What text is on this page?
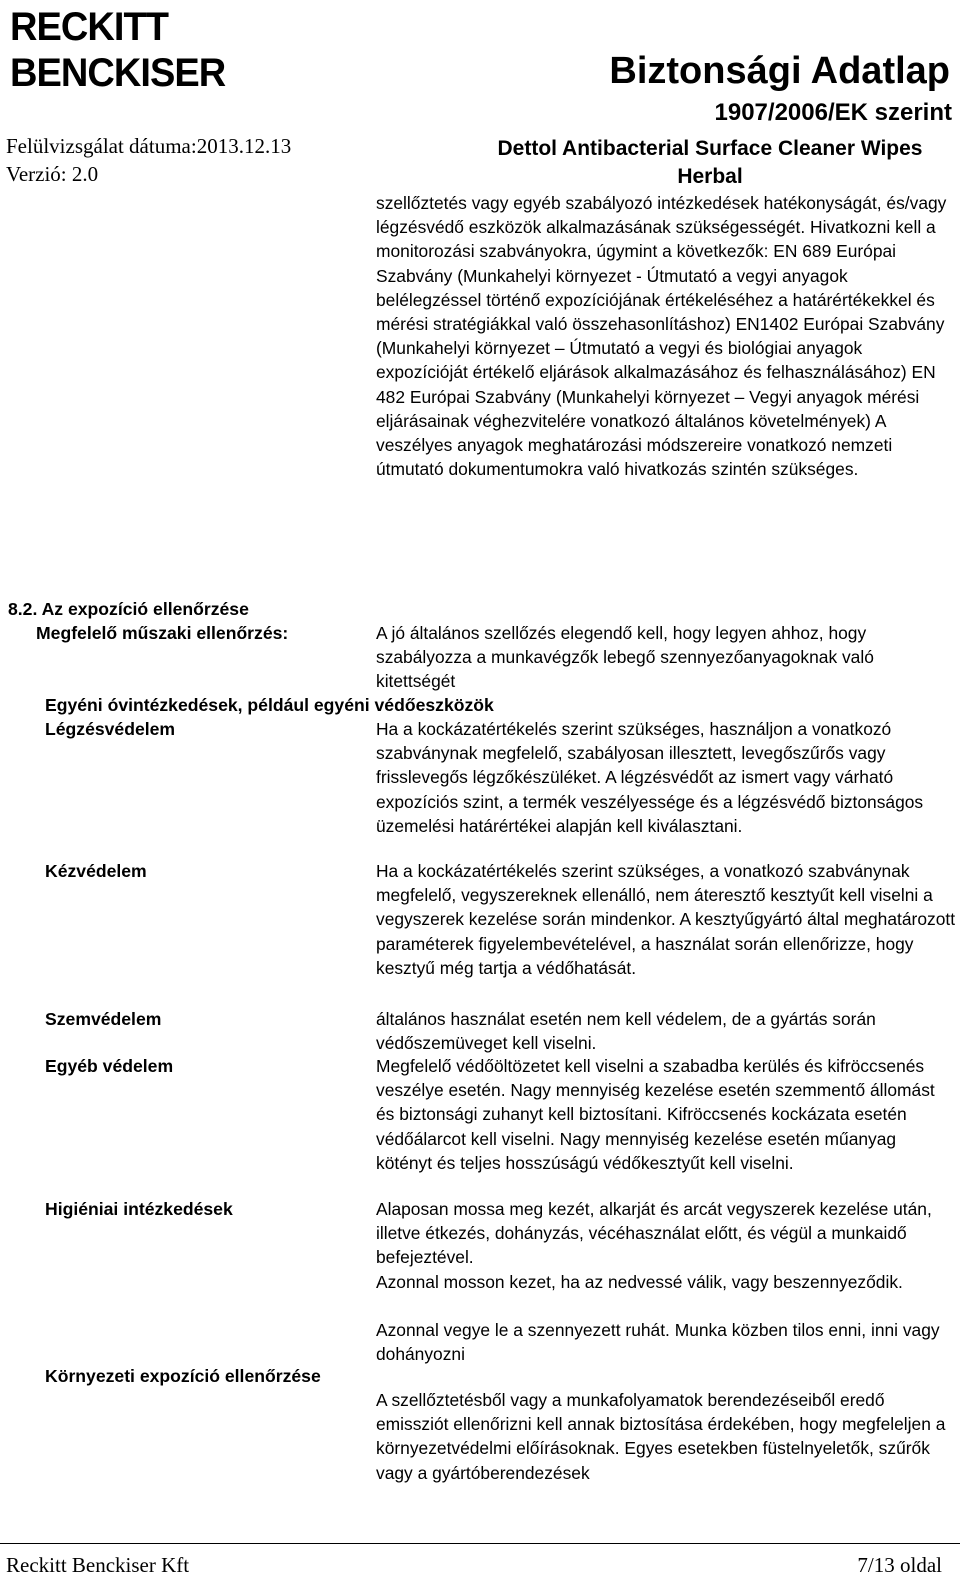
RECKITT
BENCKISER
Felülvizsgálat dátuma:2013.12.13
Verzió: 2.0
Biztonsági Adatlap
1907/2006/EK szerint
Dettol Antibacterial Surface Cleaner Wipes Herbal
szellőztetés vagy egyéb szabályozó intézkedések hatékonyságát, és/vagy légzésvédő eszközök alkalmazásának szükségességét. Hivatkozni kell a monitorozási szabványokra, úgymint a következők: EN 689 Európai Szabvány (Munkahelyi környezet - Útmutató a vegyi anyagok belélegzéssel történő expozíciójának értékeléséhez a határértékekkel és mérési stratégiákkal való összehasonlításhoz) EN1402 Európai Szabvány (Munkahelyi környezet – Útmutató a vegyi és biológiai anyagok expozícióját értékelő eljárások alkalmazásához és felhasználásához) EN 482 Európai Szabvány (Munkahelyi környezet – Vegyi anyagok mérési eljárásainak véghezvitelére vonatkozó általános követelmények) A veszélyes anyagok meghatározási módszereire vonatkozó nemzeti útmutató dokumentumokra való hivatkozás szintén szükséges.
8.2. Az expozíció ellenőrzése
Megfelelő műszaki ellenőrzés:	A jó általános szellőzés elegendő kell, hogy legyen ahhoz, hogy szabályozza a munkavégzők lebegő szennyezőanyagoknak való kitettségét
Egyéni óvintézkedések, például egyéni védőeszközök
Légzésvédelem	Ha a kockázatértékelés szerint szükséges, használjon a vonatkozó szabványnak megfelelő, szabályosan illesztett, levegőszűrős vagy frisslevegős légzőkészüléket. A légzésvédőt az ismert vagy várható expozíciós szint, a termék veszélyessége és a légzésvédő biztonságos üzemelési határértékei alapján kell kiválasztani.
Kézvédelem	Ha a kockázatértékelés szerint szükséges, a vonatkozó szabványnak megfelelő, vegyszereknek ellenálló, nem áteresztő kesztyűt kell viselni a vegyszerek kezelése során mindenkor. A kesztyűgyártó által meghatározott paraméterek figyelembevételével, a használat során ellenőrizze, hogy kesztyű még tartja a védőhatását.
Szemvédelem	általános használat esetén nem kell védelem, de a gyártás során védőszemüveget kell viselni.
Egyéb védelem	Megfelelő védőöltözetet kell viselni a szabadba kerülés és kifröccsenés veszélye esetén. Nagy mennyiség kezelése esetén szemmentő állomást és biztonsági zuhanyt kell biztosítani. Kifröccsenés kockázata esetén védőálarcot kell viselni. Nagy mennyiség kezelése esetén műanyag kötényt és teljes hosszúságú védőkesztyűt kell viselni.
Higiéniai intézkedések	Alaposan mossa meg kezét, alkarját és arcát vegyszerek kezelése után, illetve étkezés, dohányzás, vécéhasználat előtt, és végül a munkaidő befejeztével.
Azonnal mosson kezet, ha az nedvessé válik, vagy beszennyeződik.
Azonnal vegye le a szennyezett ruhát. Munka közben tilos enni, inni vagy dohányozni
Környezeti expozíció ellenőrzése
A szellőztetésből vagy a munkafolyamatok berendezéseiből eredő emissziót ellenőrizni kell annak biztosítása érdekében, hogy megfeleljen a környezetvédelmi előírásoknak. Egyes esetekben füstelnyeletők, szűrők vagy a gyártóberendezések
Reckitt Benckiser Kft	7/13 oldal
